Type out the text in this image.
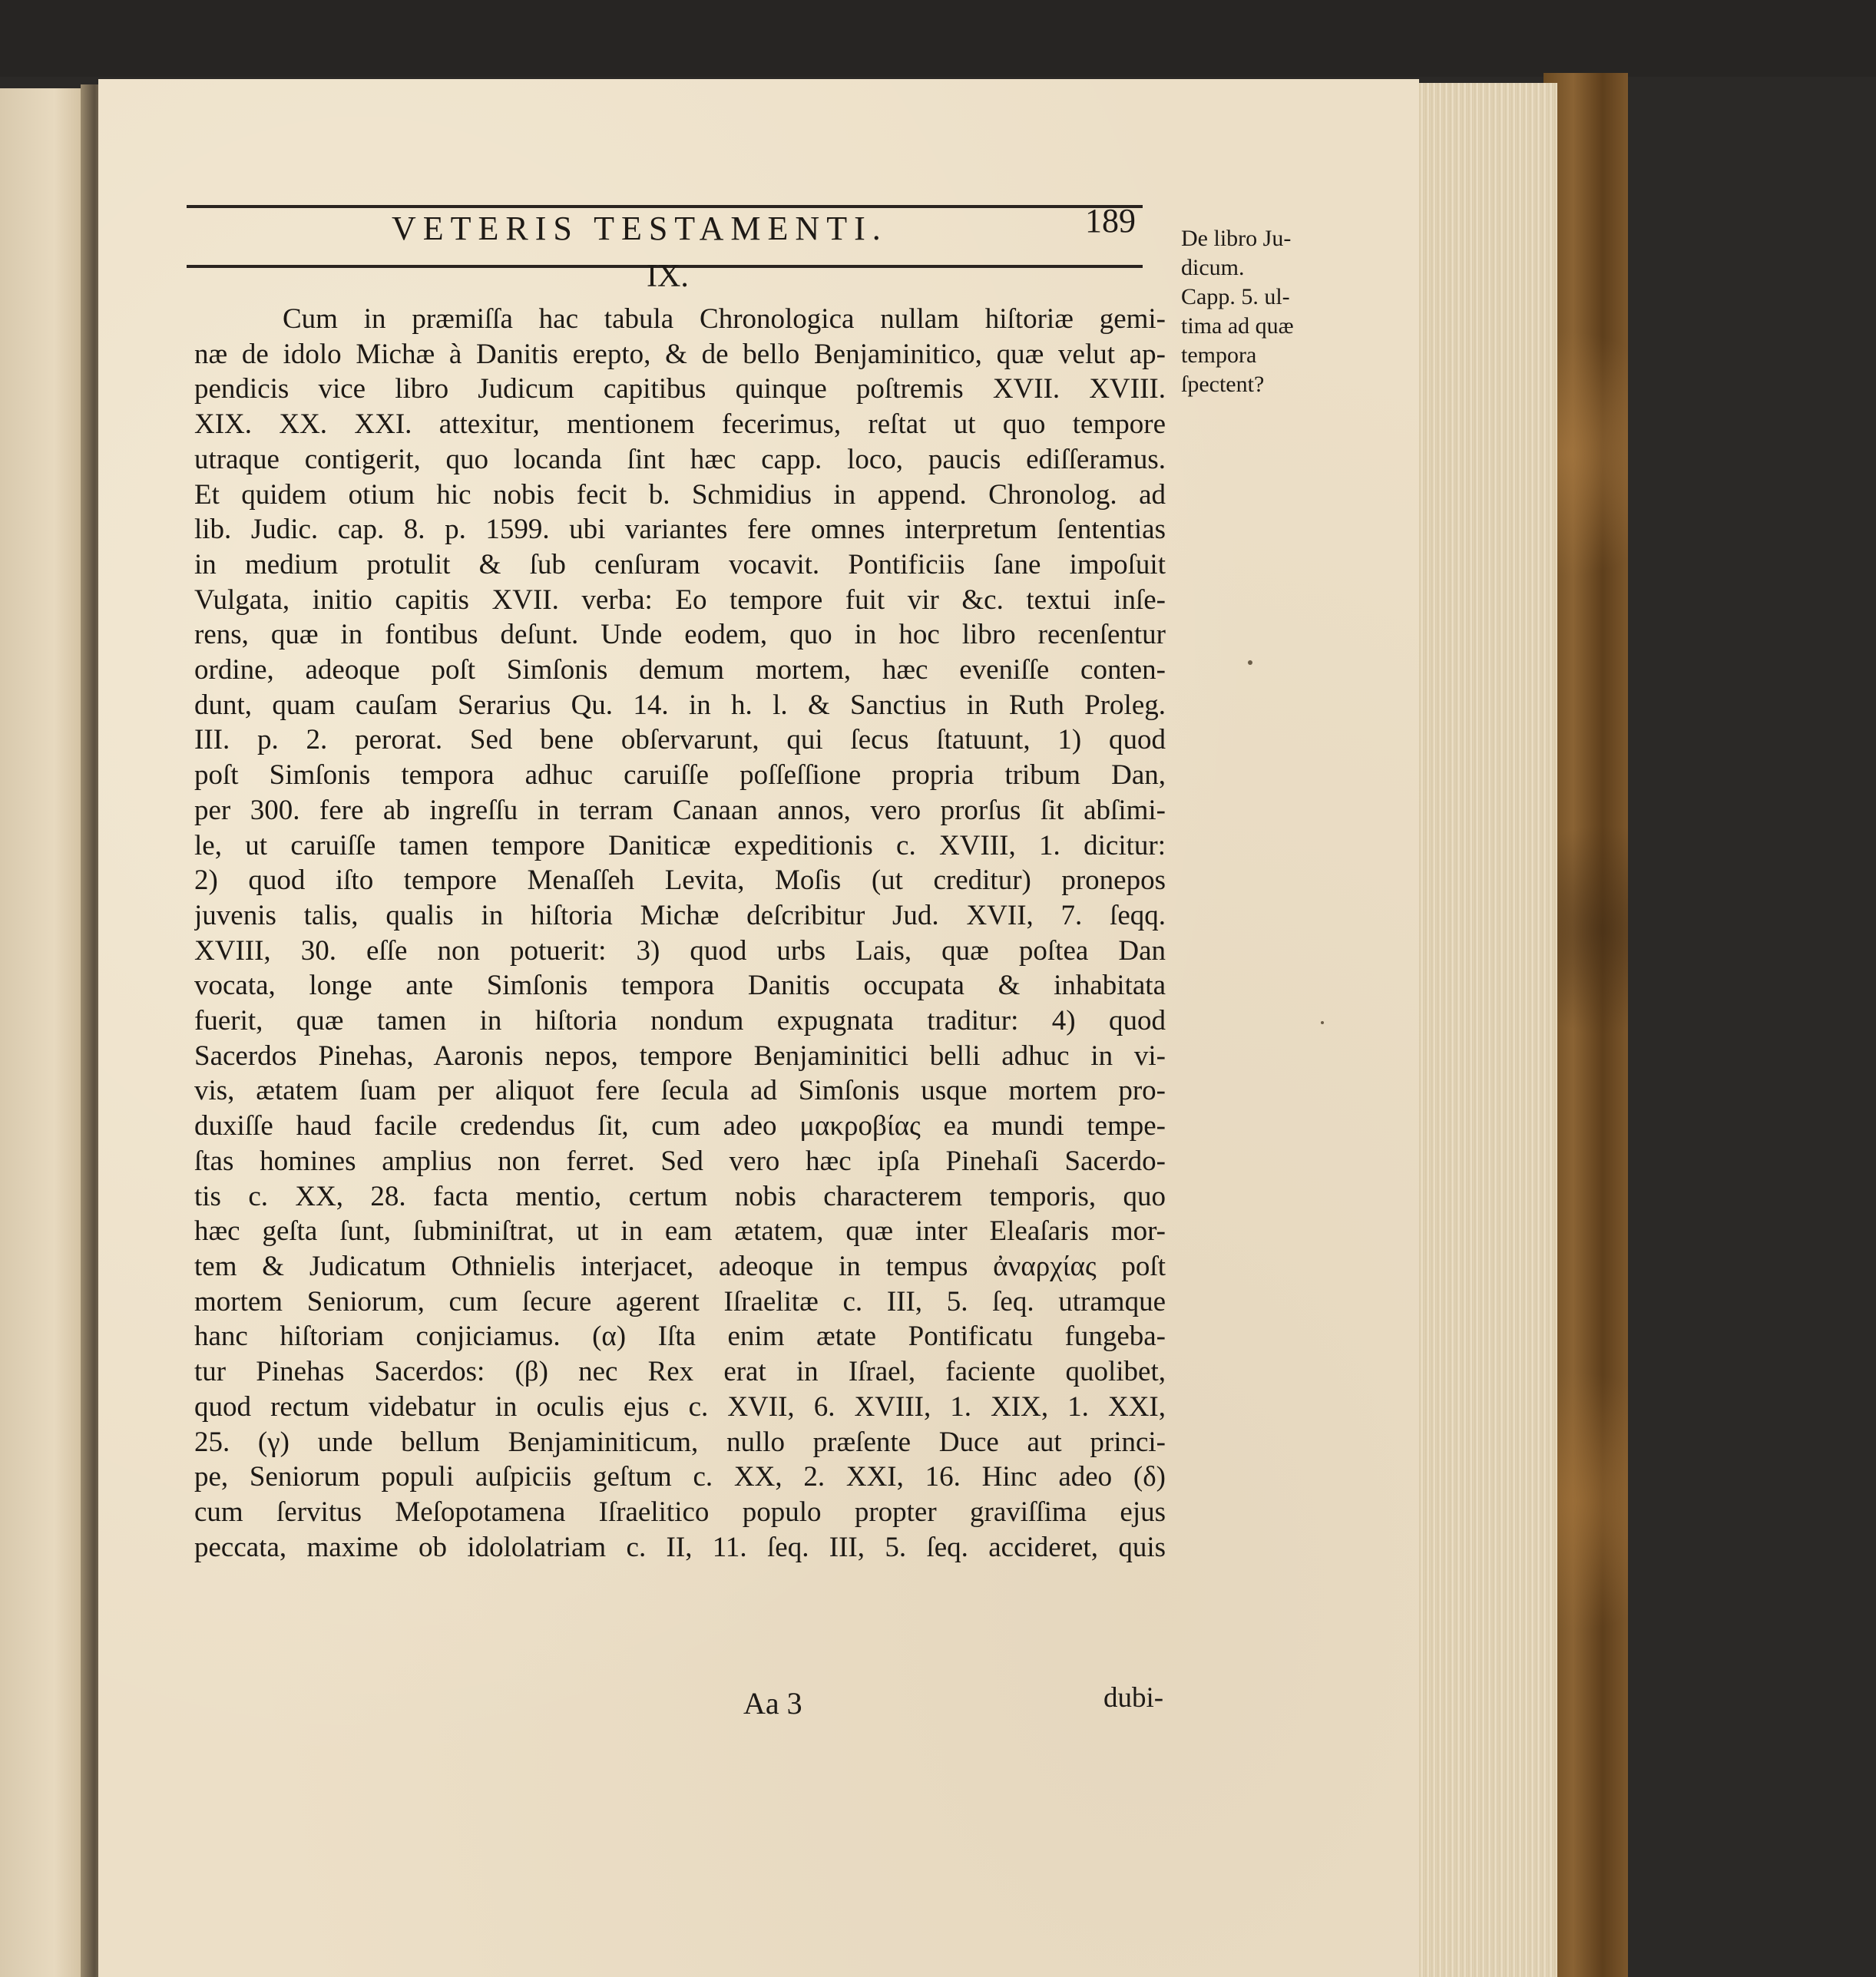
VETERIS TESTAMENTI.	189
IX.
De libro Ju-
dicum.
Capp. 5. ul-
tima ad quæ
tempora
ſpectent?
Cum in præmiſſa hac tabula Chronologica nullam hiſtoriæ gemi-
næ de idolo Michæ à Danitis erepto, & de bello Benjaminitico, quæ velut ap-
pendicis vice libro Judicum capitibus quinque poſtremis XVII. XVIII.
XIX. XX. XXI. attexitur, mentionem fecerimus, reſtat ut quo tempore
utraque contigerit, quo locanda ſint hæc capp. loco, paucis ediſſeramus.
Et quidem otium hic nobis fecit b. Schmidius in append. Chronolog. ad
lib. Judic. cap. 8. p. 1599. ubi variantes fere omnes interpretum ſententias
in medium protulit & ſub cenſuram vocavit. Pontificiis ſane impoſuit
Vulgata, initio capitis XVII. verba: Eo tempore fuit vir &c. textui inſe-
rens, quæ in fontibus deſunt. Unde eodem, quo in hoc libro recenſentur
ordine, adeoque poſt Simſonis demum mortem, hæc eveniſſe conten-
dunt, quam cauſam Serarius Qu. 14. in h. l. & Sanctius in Ruth Proleg.
III. p. 2. perorat. Sed bene obſervarunt, qui ſecus ſtatuunt, 1) quod
poſt Simſonis tempora adhuc caruiſſe poſſeſſione propria tribum Dan,
per 300. fere ab ingreſſu in terram Canaan annos, vero prorſus ſit abſimi-
le, ut caruiſſe tamen tempore Daniticæ expeditionis c. XVIII, 1. dicitur:
2) quod iſto tempore Menaſſeh Levita, Moſis (ut creditur) pronepos
juvenis talis, qualis in hiſtoria Michæ deſcribitur Jud. XVII, 7. ſeqq.
XVIII, 30. eſſe non potuerit: 3) quod urbs Lais, quæ poſtea Dan
vocata, longe ante Simſonis tempora Danitis occupata & inhabitata
fuerit, quæ tamen in hiſtoria nondum expugnata traditur: 4) quod
Sacerdos Pinehas, Aaronis nepos, tempore Benjaminitici belli adhuc in vi-
vis, ætatem ſuam per aliquot fere ſecula ad Simſonis usque mortem pro-
duxiſſe haud facile credendus ſit, cum adeo μακροβίας ea mundi tempe-
ſtas homines amplius non ferret. Sed vero hæc ipſa Pinehaſi Sacerdo-
tis c. XX, 28. facta mentio, certum nobis characterem temporis, quo
hæc geſta ſunt, ſubminiſtrat, ut in eam ætatem, quæ inter Eleaſaris mor-
tem & Judicatum Othnielis interjacet, adeoque in tempus ἀναρχίας poſt
mortem Seniorum, cum ſecure agerent Iſraelitæ c. III, 5. ſeq. utramque
hanc hiſtoriam conjiciamus. (α) Iſta enim ætate Pontificatu fungeba-
tur Pinehas Sacerdos: (β) nec Rex erat in Iſrael, faciente quolibet,
quod rectum videbatur in oculis ejus c. XVII, 6. XVIII, 1. XIX, 1. XXI,
25. (γ) unde bellum Benjaminiticum, nullo præſente Duce aut princi-
pe, Seniorum populi auſpiciis geſtum c. XX, 2. XXI, 16. Hinc adeo (δ)
cum ſervitus Meſopotamena Iſraelitico populo propter graviſſima ejus
peccata, maxime ob idololatriam c. II, 11. ſeq. III, 5. ſeq. accideret, quis
Aa 3	dubi-
